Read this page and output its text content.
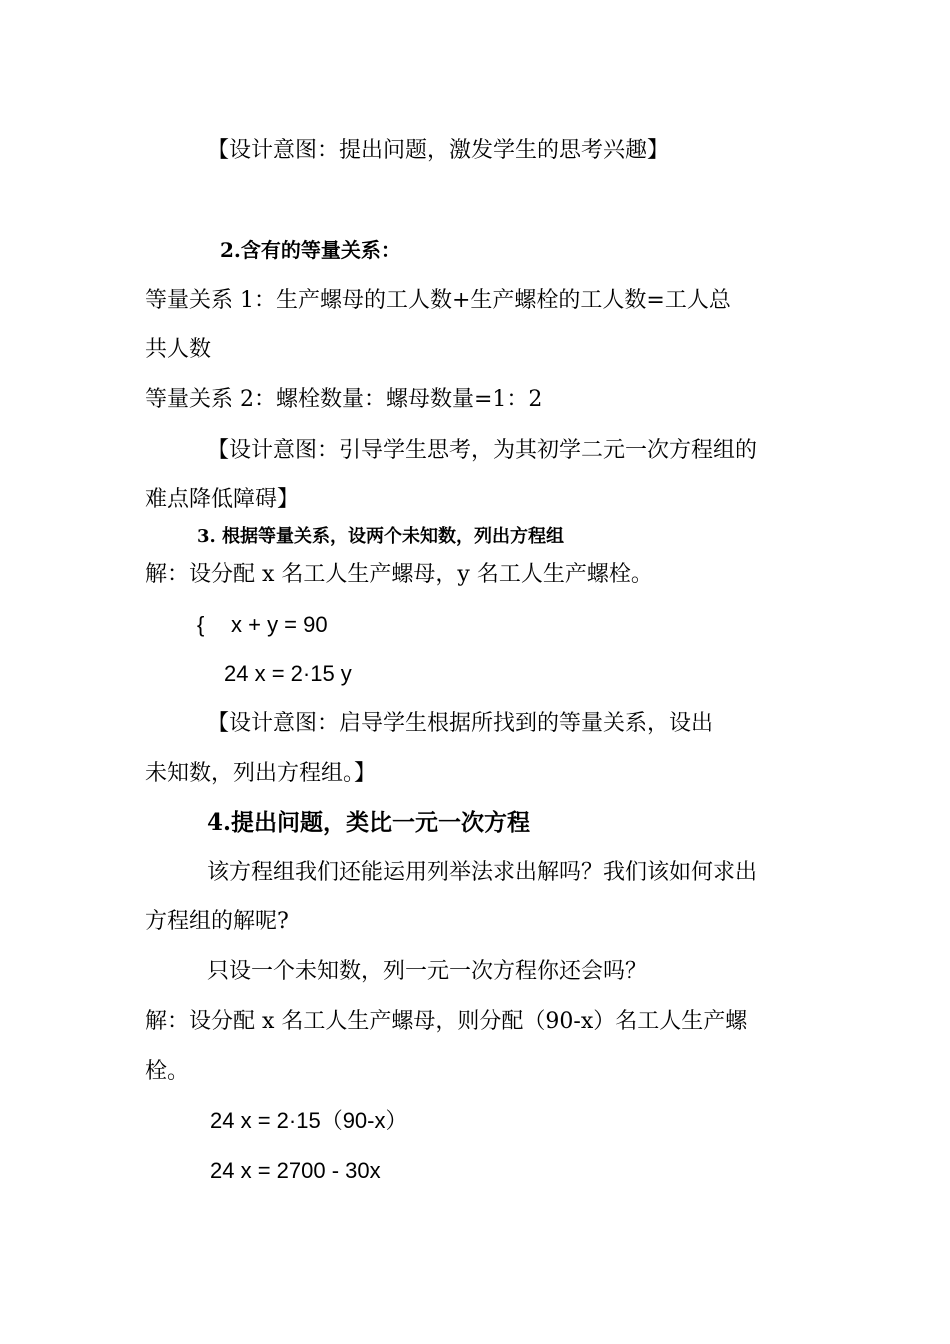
【设计意图：提出问题，激发学生的思考兴趣】
2.含有的等量关系：
等量关系 1：生产螺母的工人数+生产螺栓的工人数=工人总
共人数
等量关系 2：螺栓数量：螺母数量=1：2
【设计意图：引导学生思考，为其初学二元一次方程组的
难点降低障碍】
3. 根据等量关系，设两个未知数，列出方程组
解：设分配 x 名工人生产螺母，y 名工人生产螺栓。
{ x + y = 90
24 x = 2·15 y
【设计意图：启导学生根据所找到的等量关系，设出
未知数，列出方程组。】
4.提出问题，类比一元一次方程
该方程组我们还能运用列举法求出解吗？我们该如何求出
方程组的解呢?
只设一个未知数，列一元一次方程你还会吗？
解：设分配 x 名工人生产螺母，则分配（90-x）名工人生产螺
栓。
24 x = 2·15（90-x）
24 x = 2700 - 30x
